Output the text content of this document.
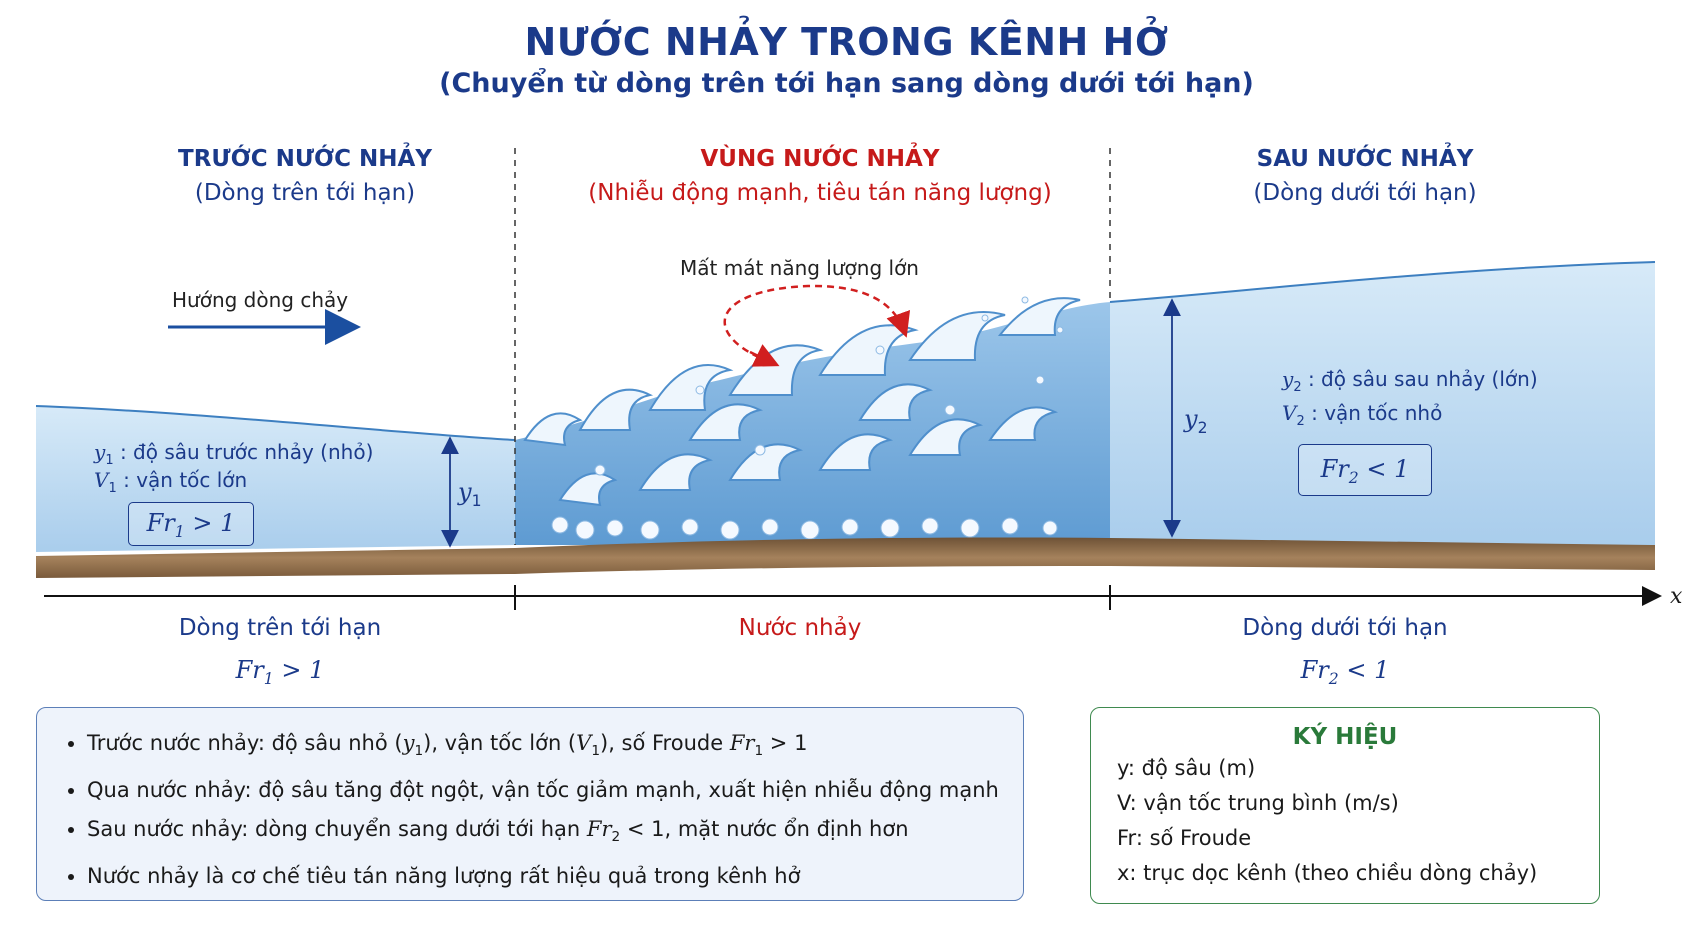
NƯỚC NHẢY TRONG KÊNH HỞ
(Chuyển từ dòng trên tới hạn sang dòng dưới tới hạn)
TRƯỚC NƯỚC NHẢY
(Dòng trên tới hạn)
VÙNG NƯỚC NHẢY
(Nhiễu động mạnh, tiêu tán năng lượng)
SAU NƯỚC NHẢY
(Dòng dưới tới hạn)
Hướng dòng chảy
Mất mát năng lượng lớn
$y_1$ : độ sâu trước nhảy (nhỏ)
$V_1$ : vận tốc lớn
$Fr_1 > 1$
$y_1$
$y_2$ : độ sâu sau nhảy (lớn)
$V_2$ : vận tốc nhỏ
$Fr_2 < 1$
$y_2$
x
Dòng trên tới hạn
$Fr_1 > 1$
Nước nhảy	Dòng dưới tới hạn
$Fr_2 < 1$
• Trước nước nhảy: độ sâu nhỏ $(y_1)$, vận tốc lớn $(V_1)$, số Froude $Fr_1 > 1$
• Qua nước nhảy: độ sâu tăng đột ngột, vận tốc giảm mạnh, xuất hiện nhiễu động mạnh
• Sau nước nhảy: dòng chuyển sang dưới tới hạn $Fr_2 < 1$, mặt nước ổn định hơn
• Nước nhảy là cơ chế tiêu tán năng lượng rất hiệu quả trong kênh hở
KÝ HIỆU
y: độ sâu (m)
V: vận tốc trung bình (m/s)
Fr: số Froude
x: trục dọc kênh (theo chiều dòng chảy)
